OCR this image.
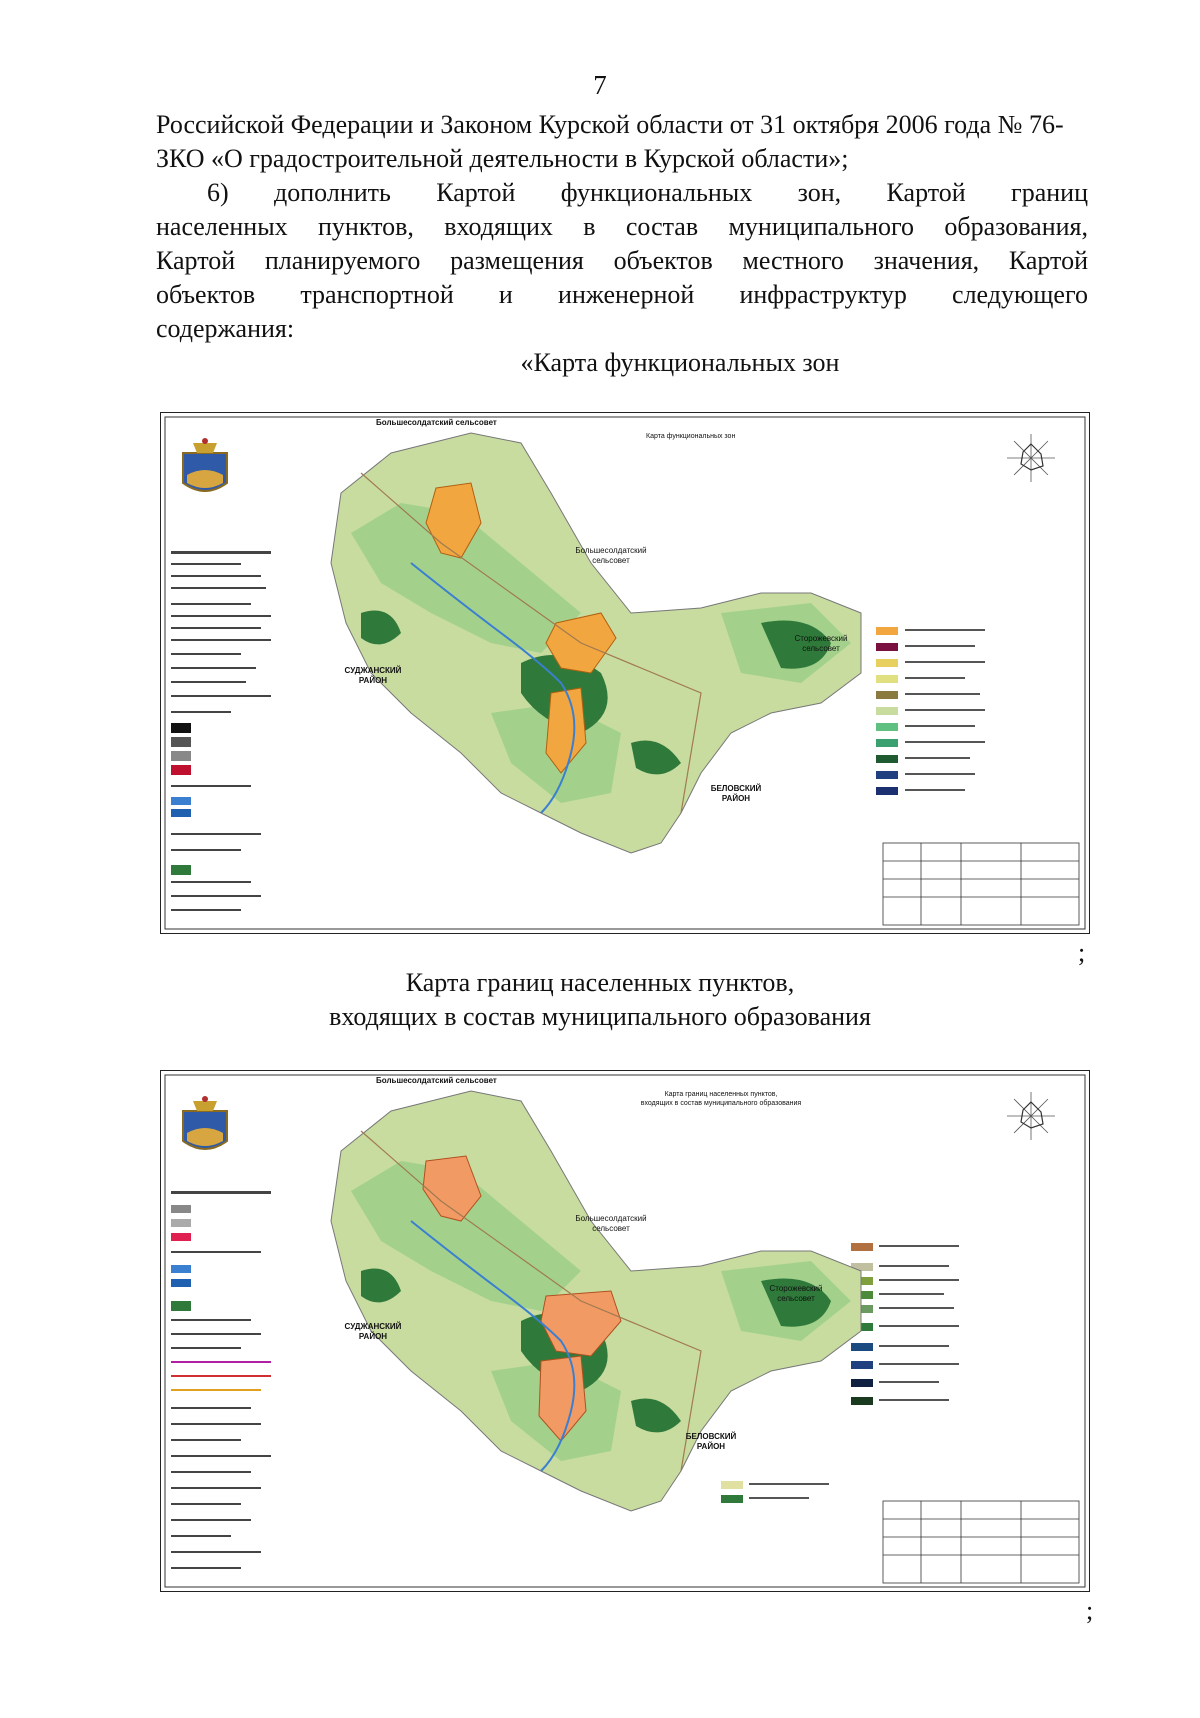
7

Российской Федерации и Законом Курской области от 31 октября 2006 года № 76-ЗКО «О градостроительной деятельности в Курской области»;

6) дополнить Картой функциональных зон, Картой границ

населенных пунктов, входящих в состав муниципального образования,

Картой планируемого размещения объектов местного значения, Картой

объектов транспортной и инженерной инфраструктур следующего

содержания:

«Карта функциональных зон

Большесолдатский сельсовет
Карта функциональных зон
Большесолдатский
сельсовет
Сторожевский
сельсовет
СУДЖАНСКИЙ
РАЙОН
БЕЛОВСКИЙ
РАЙОН
;

Карта границ населенных пунктов,

входящих в состав муниципального образования

Большесолдатский сельсовет
Карта границ населенных пунктов,
входящих в состав муниципального образования
Большесолдатский
сельсовет
Сторожевский
сельсовет
СУДЖАНСКИЙ
РАЙОН
БЕЛОВСКИЙ
РАЙОН
;
